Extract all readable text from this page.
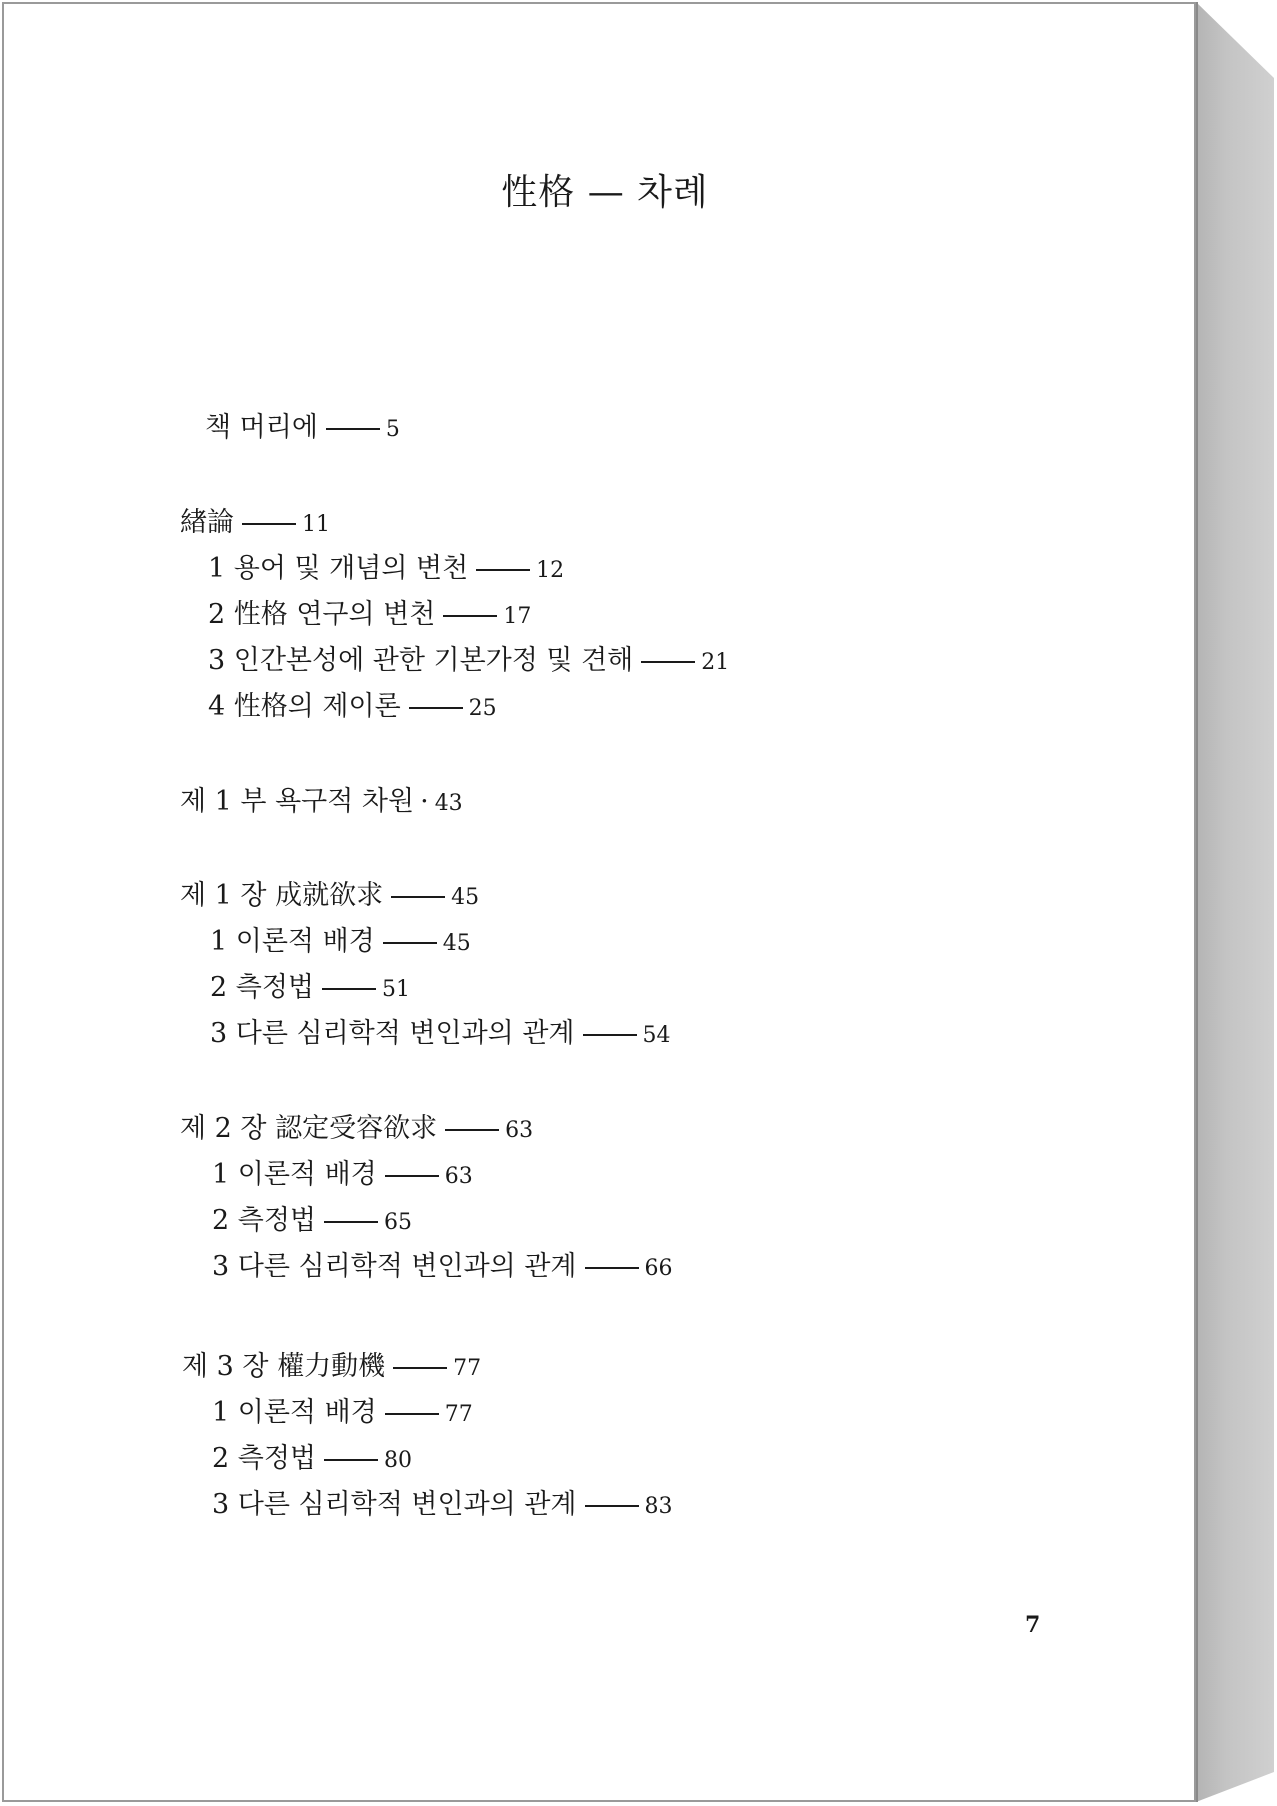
性格 — 차례
책 머리에	5
緖論	11
1 용어 및 개념의 변천	12
2 性格 연구의 변천	17
3 인간본성에 관한 기본가정 및 견해	21
4 性格의 제이론	25
제 1 부 욕구적 차원 · 43
제 1 장 成就欲求	45
1 이론적 배경	45
2 측정법	51
3 다른 심리학적 변인과의 관계	54
제 2 장 認定受容欲求	63
1 이론적 배경	63
2 측정법	65
3 다른 심리학적 변인과의 관계	66
제 3 장 權力動機	77
1 이론적 배경	77
2 측정법	80
3 다른 심리학적 변인과의 관계	83
7
